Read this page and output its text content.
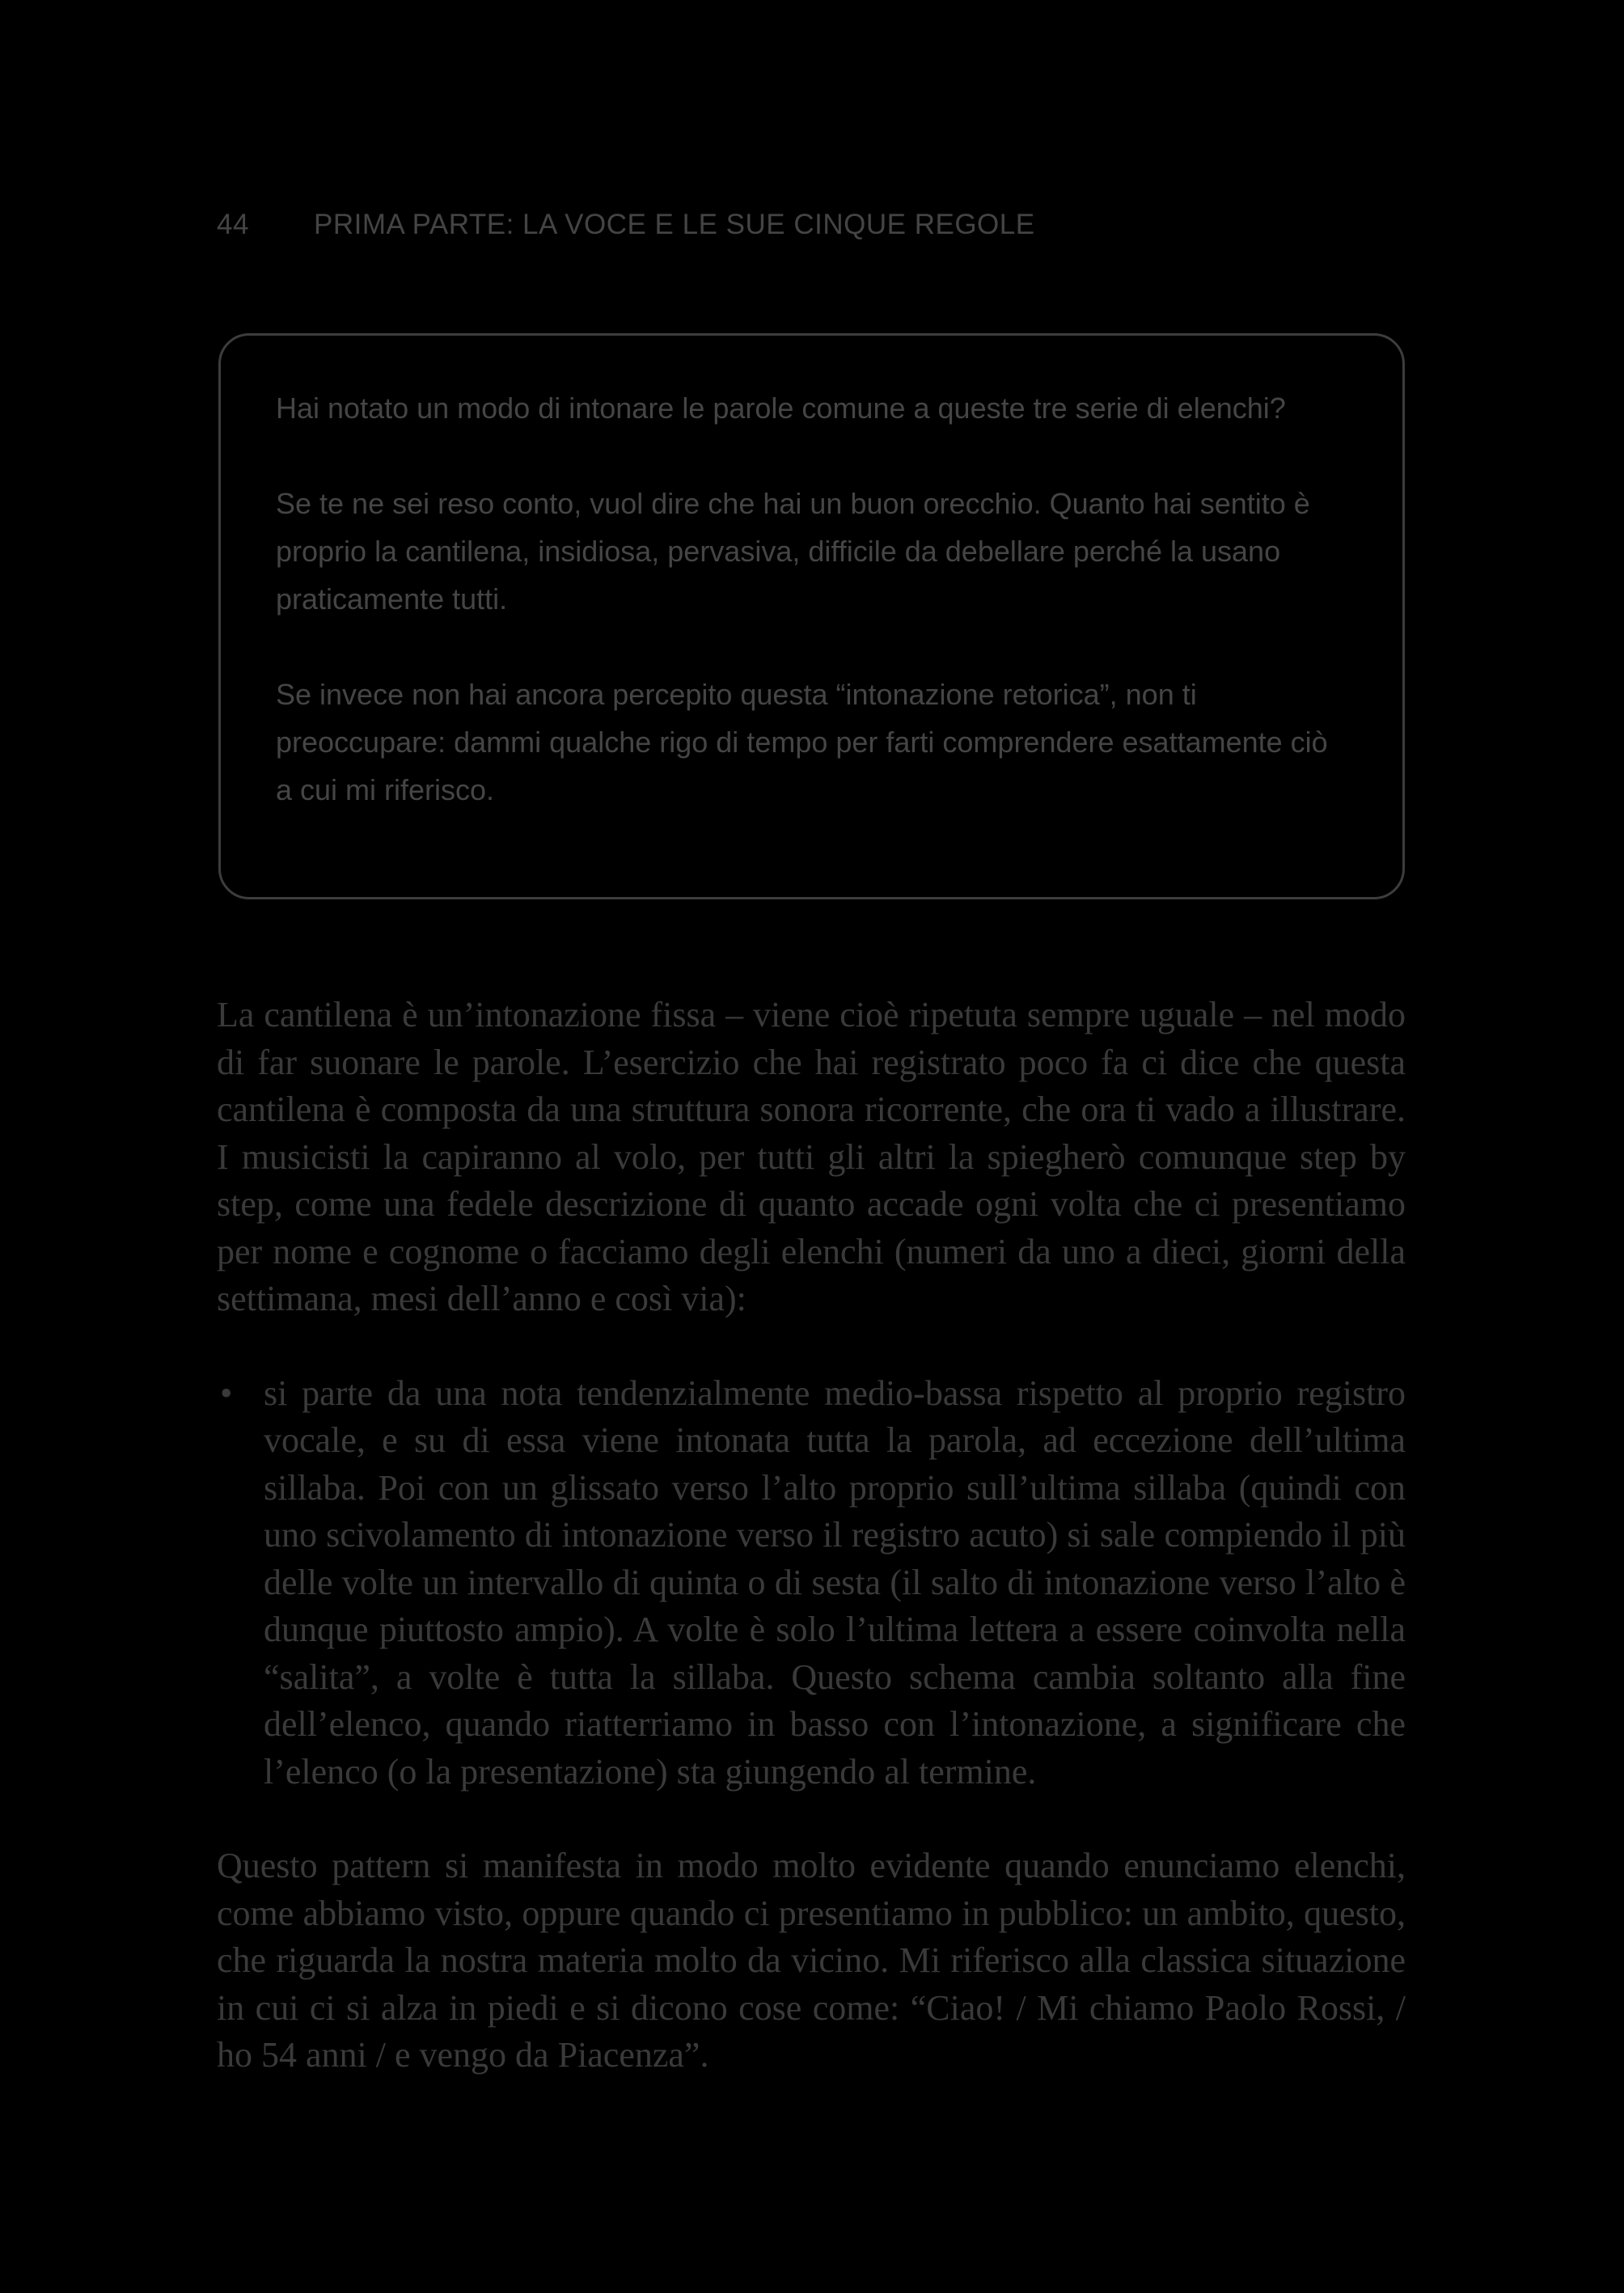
44 PRIMA PARTE: LA VOCE E LE SUE CINQUE REGOLE

Hai notato un modo di intonare le parole comune a queste tre serie di elenchi?

Se te ne sei reso conto, vuol dire che hai un buon orecchio. Quanto hai sentito è proprio la cantilena, insidiosa, pervasiva, difficile da debellare perché la usano praticamente tutti.

Se invece non hai ancora percepito questa “intonazione retorica”, non ti preoccupare: dammi qualche rigo di tempo per farti comprendere esattamente ciò a cui mi riferisco.

La cantilena è un’intonazione fissa – viene cioè ripetuta sempre uguale – nel modo di far suonare le parole. L’esercizio che hai registrato poco fa ci dice che questa cantilena è composta da una struttura sonora ricorrente, che ora ti vado a illustrare. I musicisti la capiranno al volo, per tutti gli altri la spiegherò comunque step by step, come una fedele descrizione di quanto accade ogni volta che ci presentiamo per nome e cognome o facciamo degli elenchi (numeri da uno a dieci, giorni della settimana, mesi dell’anno e così via):

• si parte da una nota tendenzialmente medio-bassa rispetto al proprio registro vocale, e su di essa viene intonata tutta la parola, ad eccezione dell’ultima sillaba. Poi con un glissato verso l’alto proprio sull’ultima sillaba (quindi con uno scivolamento di intonazione verso il registro acuto) si sale compiendo il più delle volte un intervallo di quinta o di sesta (il salto di intonazione verso l’alto è dunque piuttosto ampio). A volte è solo l’ultima lettera a essere coinvolta nella “salita”, a volte è tutta la sillaba. Questo schema cambia soltanto alla fine dell’elenco, quando riatterriamo in basso con l’intonazione, a significare che l’elenco (o la presentazione) sta giungendo al termine.

Questo pattern si manifesta in modo molto evidente quando enunciamo elenchi, come abbiamo visto, oppure quando ci presentiamo in pubblico: un ambito, questo, che riguarda la nostra materia molto da vicino. Mi riferisco alla classica situazione in cui ci si alza in piedi e si dicono cose come: “Ciao! / Mi chiamo Paolo Rossi, / ho 54 anni / e vengo da Piacenza”.
